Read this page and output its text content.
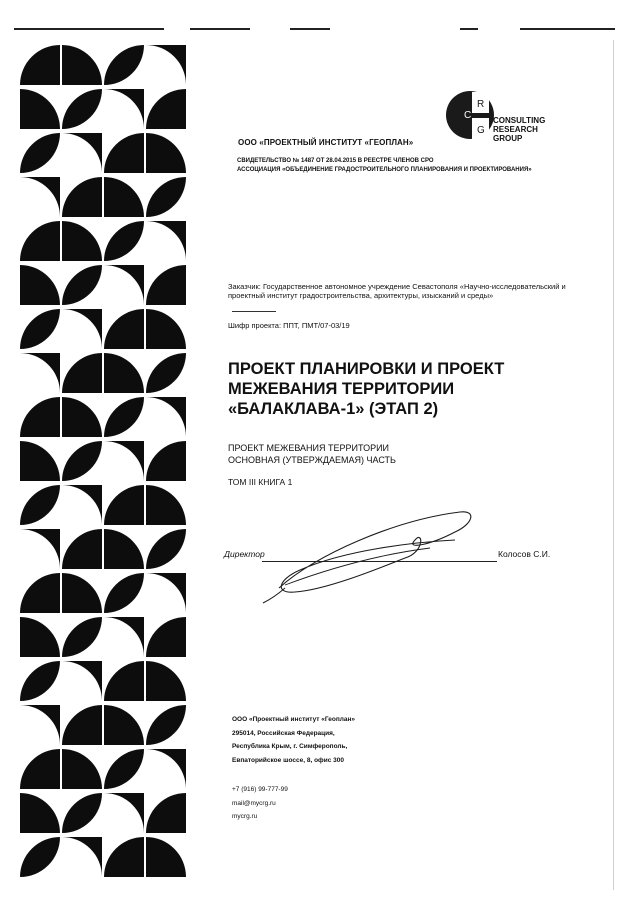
ООО «ПРОЕКТНЫЙ ИНСТИТУТ «ГЕОПЛАН»
СВИДЕТЕЛЬСТВО № 1487 ОТ 28.04.2015 В РЕЕСТРЕ ЧЛЕНОВ СРО
АССОЦИАЦИЯ «ОБЪЕДИНЕНИЕ ГРАДОСТРОИТЕЛЬНОГО ПЛАНИРОВАНИЯ И ПРОЕКТИРОВАНИЯ»
C
R
G
CONSULTING
RESEARCH
GROUP
Заказчик: Государственное автономное учреждение Севастополя «Научно-исследовательский и проектный институт градостроительства, архитектуры, изысканий и среды»
Шифр проекта: ППТ, ПМТ/07-03/19
ПРОЕКТ ПЛАНИРОВКИ И ПРОЕКТ
МЕЖЕВАНИЯ ТЕРРИТОРИИ
«БАЛАКЛАВА-1» (ЭТАП 2)
ПРОЕКТ МЕЖЕВАНИЯ ТЕРРИТОРИИ
ОСНОВНАЯ (УТВЕРЖДАЕМАЯ) ЧАСТЬ
ТОМ III КНИГА 1
Директор	Колосов С.И.
ООО «Проектный институт «Геоплан»
295014, Российская Федерация,
Республика Крым, г. Симферополь,
Евпаторийское шоссе, 8, офис 300
+7 (916) 99-777-99
mail@mycrg.ru
mycrg.ru
